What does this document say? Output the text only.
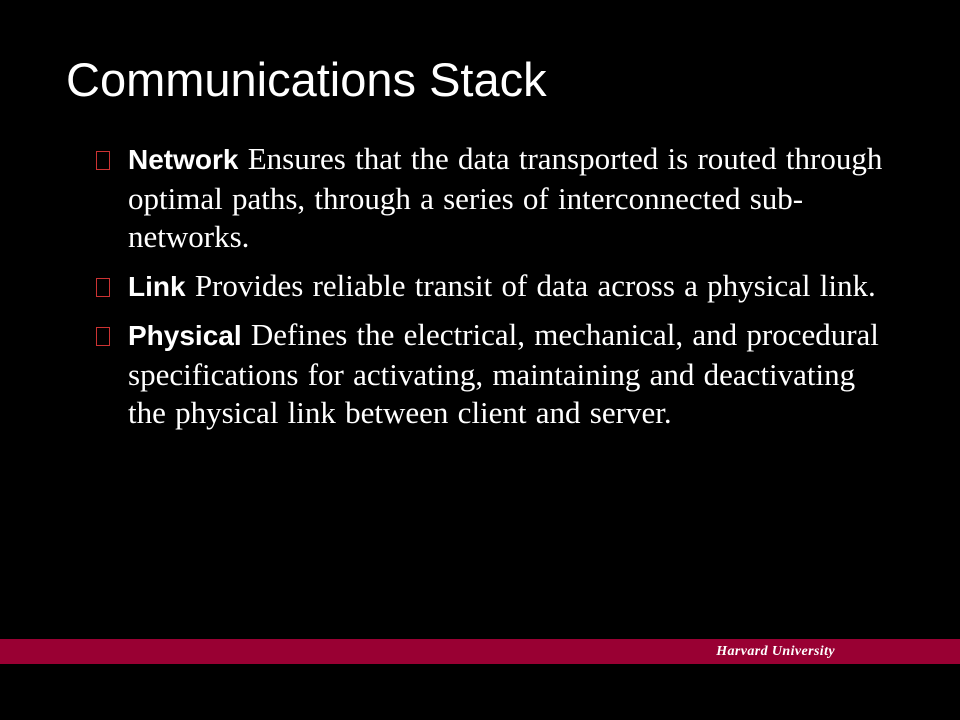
Communications Stack
Network Ensures that the data transported is routed through optimal paths, through a series of interconnected sub-networks.
Link Provides reliable transit of data across a physical link.
Physical Defines the electrical, mechanical, and procedural specifications for activating, maintaining and deactivating the physical link between client and server.
Harvard University
